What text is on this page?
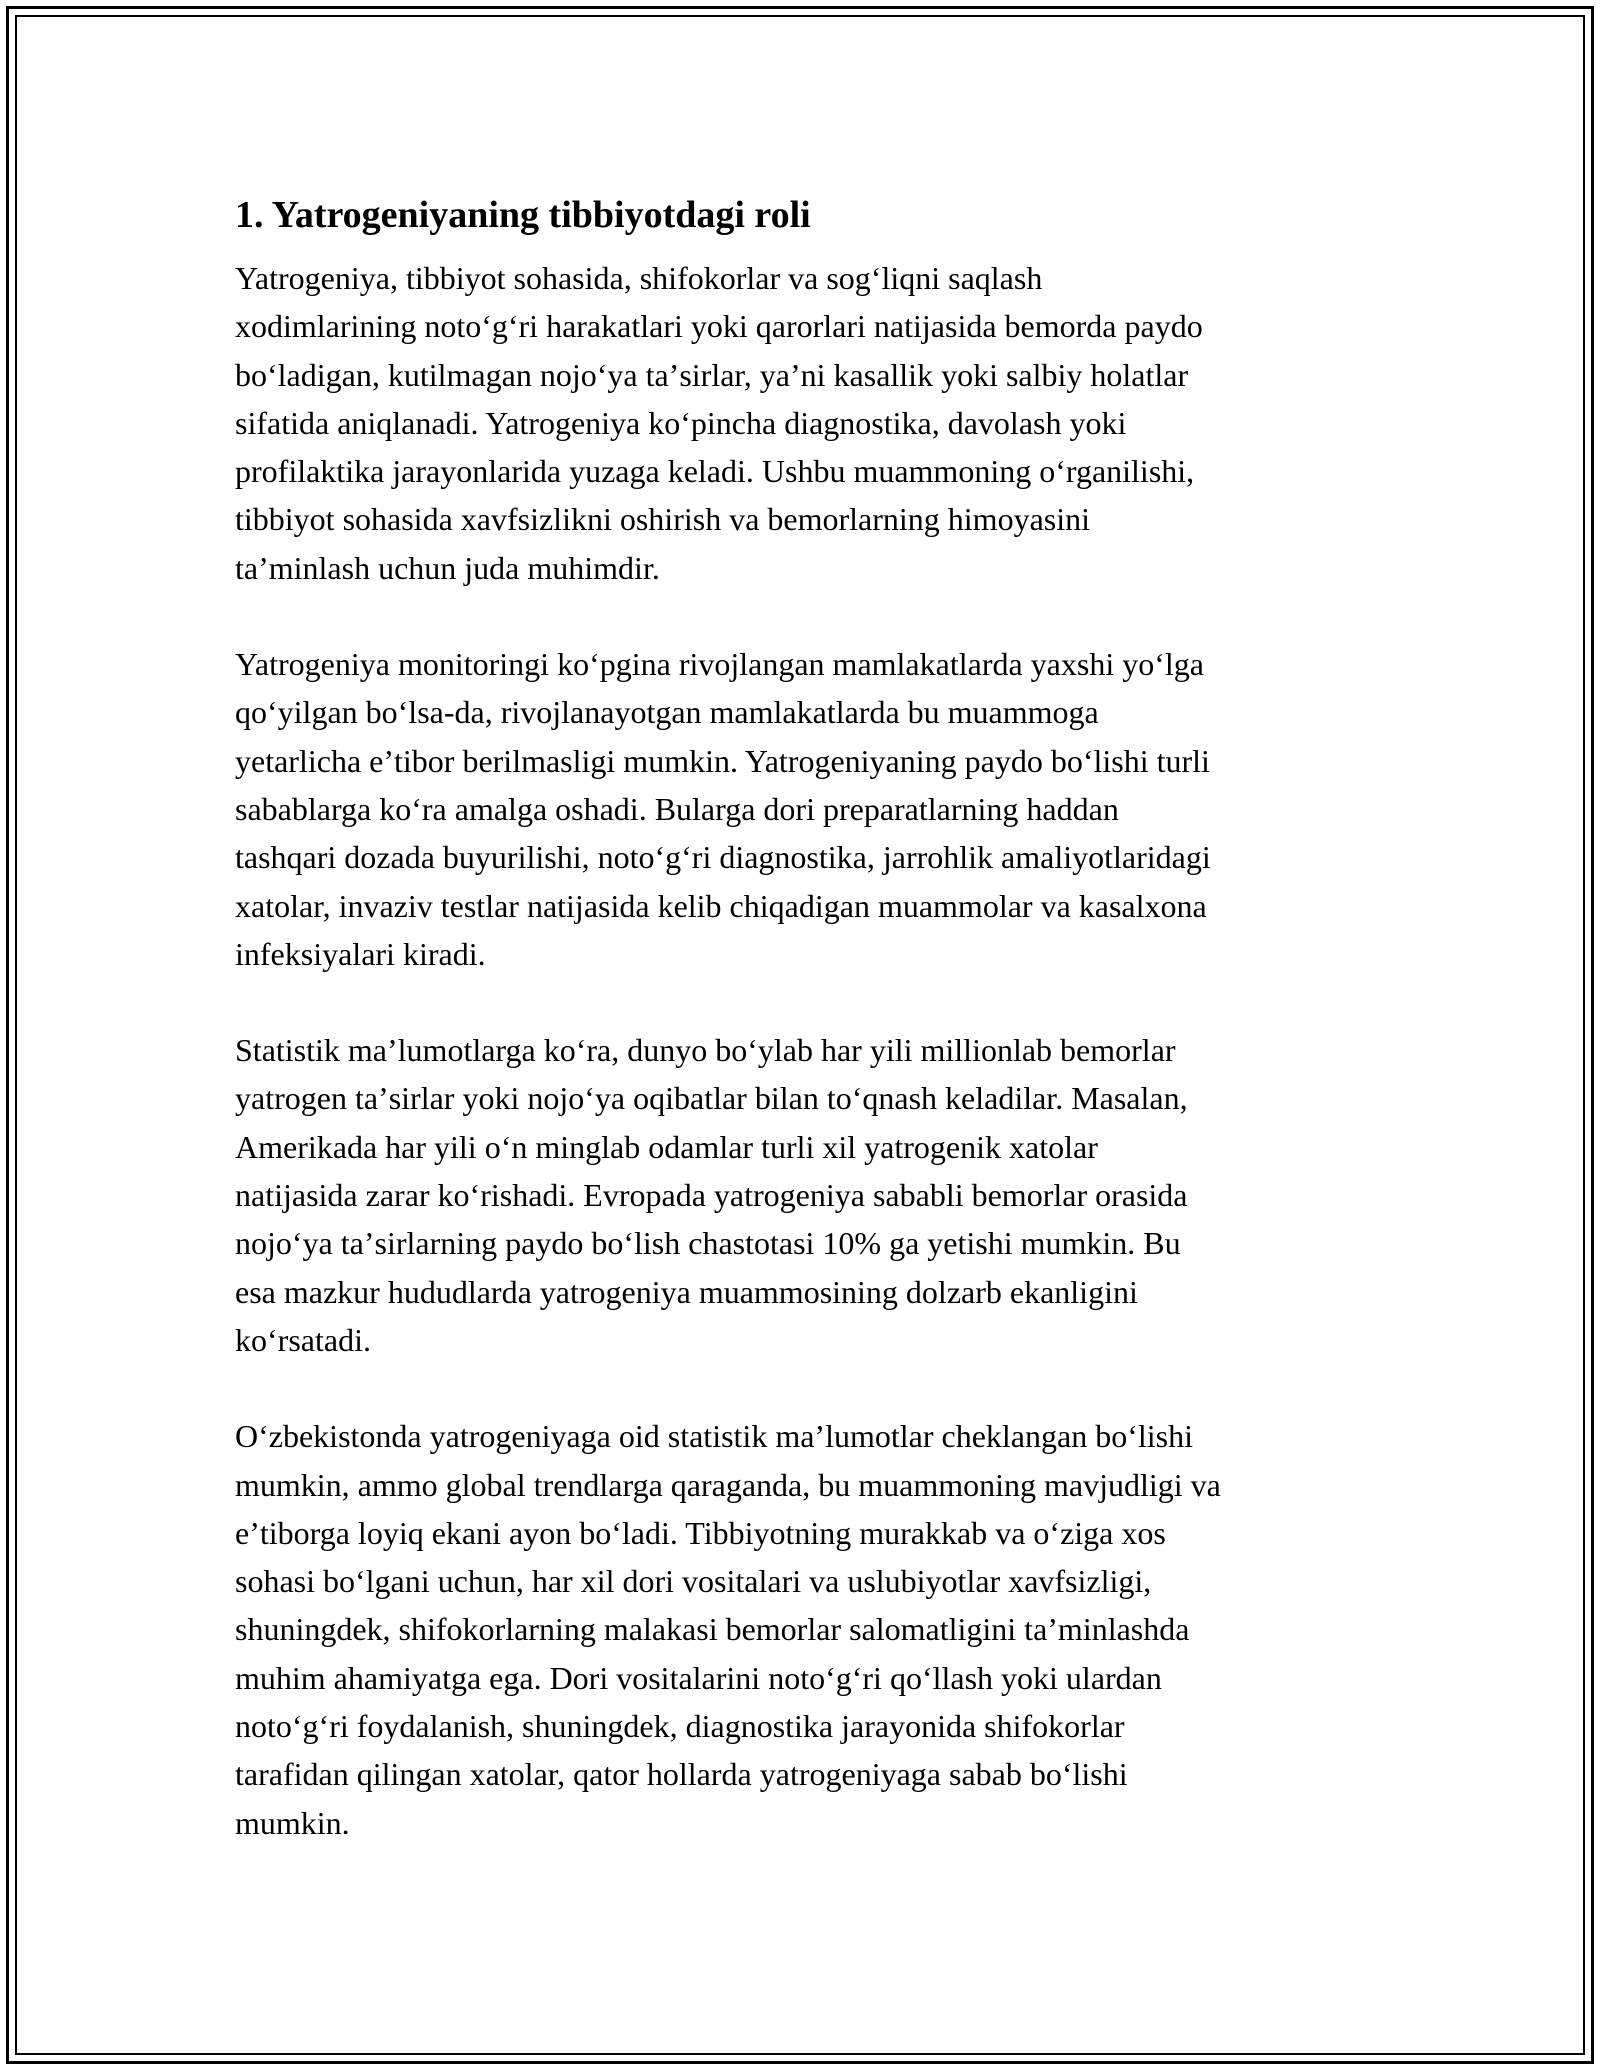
1. Yatrogeniyaning tibbiyotdagi roli

Yatrogeniya, tibbiyot sohasida, shifokorlar va sogʻliqni saqlash
xodimlarining notoʻgʻri harakatlari yoki qarorlari natijasida bemorda paydo
boʻladigan, kutilmagan nojoʻya taʼsirlar, yaʼni kasallik yoki salbiy holatlar
sifatida aniqlanadi. Yatrogeniya koʻpincha diagnostika, davolash yoki
profilaktika jarayonlarida yuzaga keladi. Ushbu muammoning oʻrganilishi,
tibbiyot sohasida xavfsizlikni oshirish va bemorlarning himoyasini
taʼminlash uchun juda muhimdir.

Yatrogeniya monitoringi koʻpgina rivojlangan mamlakatlarda yaxshi yoʻlga
qoʻyilgan boʻlsa-da, rivojlanayotgan mamlakatlarda bu muammoga
yetarlicha eʼtibor berilmasligi mumkin. Yatrogeniyaning paydo boʻlishi turli
sabablarga koʻra amalga oshadi. Bularga dori preparatlarning haddan
tashqari dozada buyurilishi, notoʻgʻri diagnostika, jarrohlik amaliyotlaridagi
xatolar, invaziv testlar natijasida kelib chiqadigan muammolar va kasalxona
infeksiyalari kiradi.

Statistik maʼlumotlarga koʻra, dunyo boʻylab har yili millionlab bemorlar
yatrogen taʼsirlar yoki nojoʻya oqibatlar bilan toʻqnash keladilar. Masalan,
Amerikada har yili oʻn minglab odamlar turli xil yatrogenik xatolar
natijasida zarar koʻrishadi. Evropada yatrogeniya sababli bemorlar orasida
nojoʻya taʼsirlarning paydo boʻlish chastotasi 10% ga yetishi mumkin. Bu
esa mazkur hududlarda yatrogeniya muammosining dolzarb ekanligini
koʻrsatadi.

Oʻzbekistonda yatrogeniyaga oid statistik maʼlumotlar cheklangan boʻlishi
mumkin, ammo global trendlarga qaraganda, bu muammoning mavjudligi va
eʼtiborga loyiq ekani ayon boʻladi. Tibbiyotning murakkab va oʻziga xos
sohasi boʻlgani uchun, har xil dori vositalari va uslubiyotlar xavfsizligi,
shuningdek, shifokorlarning malakasi bemorlar salomatligini taʼminlashda
muhim ahamiyatga ega. Dori vositalarini notoʻgʻri qoʻllash yoki ulardan
notoʻgʻri foydalanish, shuningdek, diagnostika jarayonida shifokorlar
tarafidan qilingan xatolar, qator hollarda yatrogeniyaga sabab boʻlishi
mumkin.
